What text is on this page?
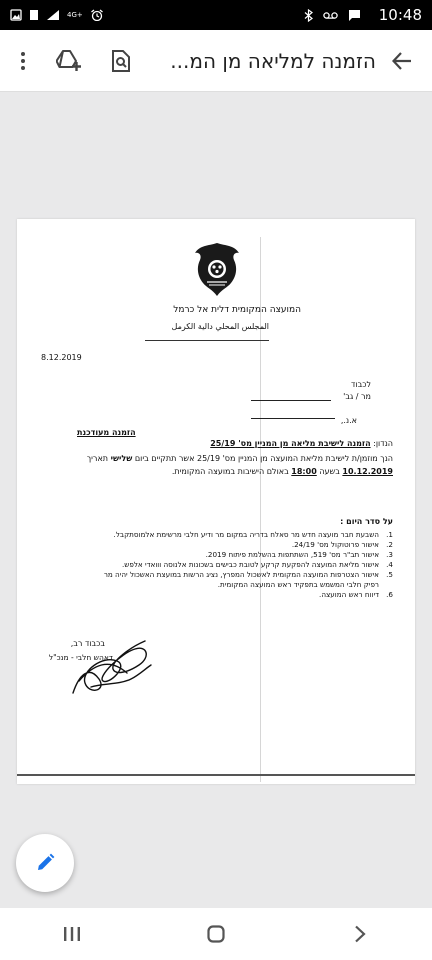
4G+	10:48
הזמנה למליאה מן המ...
המועצה המקומית דלית אל כרמל
المجلس المحلي دالية الكرمل
8.12.2019
לכבוד
מר / גב'
א.נ.,
הזמנה מעודכנת
הנדון: הזמנה לישיבת מליאה מן המניין מס' 25/19
הנך מוזמן/ת לישיבת מליאת המועצה מן המניין מס' 25/19 אשר תתקיים ביום שלישי תאריך
10.12.2019 בשעה 18:00 באולם הישיבות במועצה המקומית.
על סדר היום :
1.
השבעת חבר מועצה חדש מר סאלח בדריה במקום מר ודיע חלבי מרשימת אלמוסתקבל.
2.
אישור פרוטוקול מס' 24/19.
3.
אישור תב"ר מס' 519, השתתפות בהשלמת פיתוח 2019.
4.
אישור מליאת המועצה להפקעת קרקע לטובת כבישים בשכונות אלנוסה ווואדי אלפש.
5.
אישור הצטרפות המועצה המקומית לאשכול המפרץ, נציג הרשות במועצת האשכול יהיה מר
רפיק חלבי המשמש בתפקיד ראש המועצה המקומית.
6.
דיווח ראש המועצה.
בכבוד רב,
דאהש חלבי - מנכ"ל
